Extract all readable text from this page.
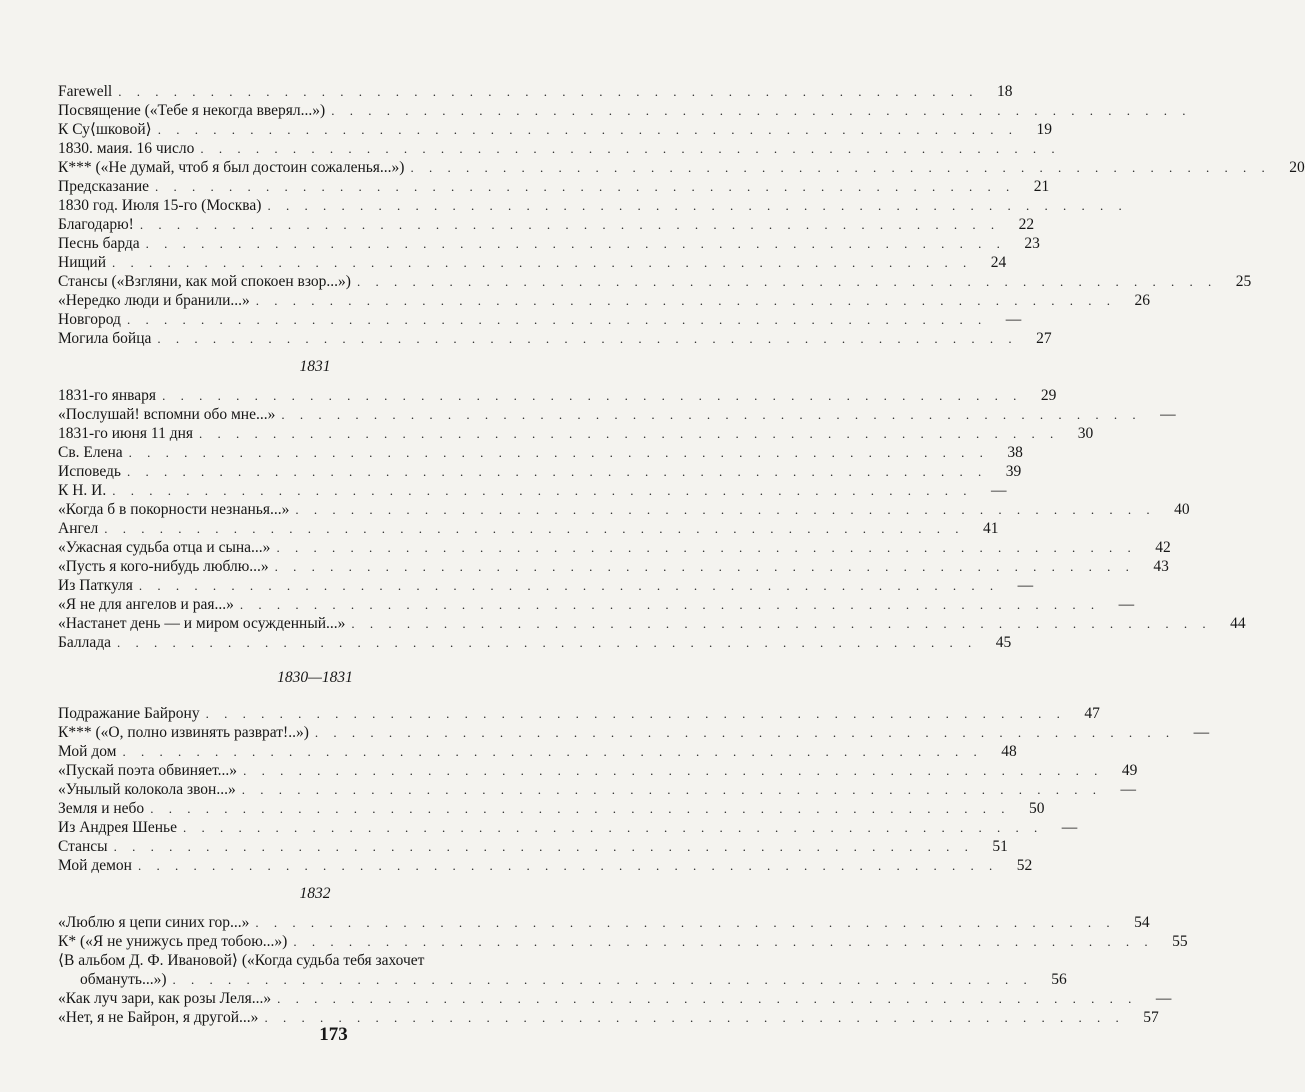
Farewell . . . . . . . . . . . . . . . . . . . . . . . . . . . . . . . . . . . . . . . . . . . . . . .	18
Посвящение («Тебе я некогда вверял...») . . . . . . . . . . . . . . . . . . . . . . . . . . . . . . . . . . . . . . . . . . . . . . .
К Су⟨шковой⟩ . . . . . . . . . . . . . . . . . . . . . . . . . . . . . . . . . . . . . . . . . . . . . . .	19
1830. маия. 16 число . . . . . . . . . . . . . . . . . . . . . . . . . . . . . . . . . . . . . . . . . . . . . . .
К*** («Не думай, чтоб я был достоин сожаленья...») . . . . . . . . . . . . . . . . . . . . . . . . . . . . . . . . . . . . . . . . . . . . . . .	20
Предсказание . . . . . . . . . . . . . . . . . . . . . . . . . . . . . . . . . . . . . . . . . . . . . . .	21
1830 год. Июля 15-го (Москва) . . . . . . . . . . . . . . . . . . . . . . . . . . . . . . . . . . . . . . . . . . . . . . .
Благодарю! . . . . . . . . . . . . . . . . . . . . . . . . . . . . . . . . . . . . . . . . . . . . . . .	22
Песнь барда . . . . . . . . . . . . . . . . . . . . . . . . . . . . . . . . . . . . . . . . . . . . . . .	23
Нищий . . . . . . . . . . . . . . . . . . . . . . . . . . . . . . . . . . . . . . . . . . . . . . .	24
Стансы («Взгляни, как мой спокоен взор...») . . . . . . . . . . . . . . . . . . . . . . . . . . . . . . . . . . . . . . . . . . . . . . .	25
«Нередко люди и бранили...» . . . . . . . . . . . . . . . . . . . . . . . . . . . . . . . . . . . . . . . . . . . . . . .	26
Новгород . . . . . . . . . . . . . . . . . . . . . . . . . . . . . . . . . . . . . . . . . . . . . . .	—
Могила бойца . . . . . . . . . . . . . . . . . . . . . . . . . . . . . . . . . . . . . . . . . . . . . . .	27
1831
1831-го января . . . . . . . . . . . . . . . . . . . . . . . . . . . . . . . . . . . . . . . . . . . . . . .	29
«Послушай! вспомни обо мне...» . . . . . . . . . . . . . . . . . . . . . . . . . . . . . . . . . . . . . . . . . . . . . . .	—
1831-го июня 11 дня . . . . . . . . . . . . . . . . . . . . . . . . . . . . . . . . . . . . . . . . . . . . . . .	30
Св. Елена . . . . . . . . . . . . . . . . . . . . . . . . . . . . . . . . . . . . . . . . . . . . . . .	38
Исповедь . . . . . . . . . . . . . . . . . . . . . . . . . . . . . . . . . . . . . . . . . . . . . . .	39
К Н. И. . . . . . . . . . . . . . . . . . . . . . . . . . . . . . . . . . . . . . . . . . . . . . . .	—
«Когда б в покорности незнанья...» . . . . . . . . . . . . . . . . . . . . . . . . . . . . . . . . . . . . . . . . . . . . . . .	40
Ангел . . . . . . . . . . . . . . . . . . . . . . . . . . . . . . . . . . . . . . . . . . . . . . .	41
«Ужасная судьба отца и сына...» . . . . . . . . . . . . . . . . . . . . . . . . . . . . . . . . . . . . . . . . . . . . . . .	42
«Пусть я кого-нибудь люблю...» . . . . . . . . . . . . . . . . . . . . . . . . . . . . . . . . . . . . . . . . . . . . . . .	43
Из Паткуля . . . . . . . . . . . . . . . . . . . . . . . . . . . . . . . . . . . . . . . . . . . . . . .	—
«Я не для ангелов и рая...» . . . . . . . . . . . . . . . . . . . . . . . . . . . . . . . . . . . . . . . . . . . . . . .	—
«Настанет день — и миром осужденный...» . . . . . . . . . . . . . . . . . . . . . . . . . . . . . . . . . . . . . . . . . . . . . . .	44
Баллада . . . . . . . . . . . . . . . . . . . . . . . . . . . . . . . . . . . . . . . . . . . . . . .	45
1830—1831
Подражание Байрону . . . . . . . . . . . . . . . . . . . . . . . . . . . . . . . . . . . . . . . . . . . . . . .	47
К*** («О, полно извинять разврат!..») . . . . . . . . . . . . . . . . . . . . . . . . . . . . . . . . . . . . . . . . . . . . . . .	—
Мой дом . . . . . . . . . . . . . . . . . . . . . . . . . . . . . . . . . . . . . . . . . . . . . . .	48
«Пускай поэта обвиняет...» . . . . . . . . . . . . . . . . . . . . . . . . . . . . . . . . . . . . . . . . . . . . . . .	49
«Унылый колокола звон...» . . . . . . . . . . . . . . . . . . . . . . . . . . . . . . . . . . . . . . . . . . . . . . .	—
Земля и небо . . . . . . . . . . . . . . . . . . . . . . . . . . . . . . . . . . . . . . . . . . . . . . .	50
Из Андрея Шенье . . . . . . . . . . . . . . . . . . . . . . . . . . . . . . . . . . . . . . . . . . . . . . .	—
Стансы . . . . . . . . . . . . . . . . . . . . . . . . . . . . . . . . . . . . . . . . . . . . . . .	51
Мой демон . . . . . . . . . . . . . . . . . . . . . . . . . . . . . . . . . . . . . . . . . . . . . . .	52
1832
«Люблю я цепи синих гор...» . . . . . . . . . . . . . . . . . . . . . . . . . . . . . . . . . . . . . . . . . . . . . . .	54
К* («Я не унижусь пред тобою...») . . . . . . . . . . . . . . . . . . . . . . . . . . . . . . . . . . . . . . . . . . . . . . .	55
⟨В альбом Д. Ф. Ивановой⟩ («Когда судьба тебя захочет
обмануть...») . . . . . . . . . . . . . . . . . . . . . . . . . . . . . . . . . . . . . . . . . . . . . . .	56
«Как луч зари, как розы Леля...» . . . . . . . . . . . . . . . . . . . . . . . . . . . . . . . . . . . . . . . . . . . . . . .	—
«Нет, я не Байрон, я другой...» . . . . . . . . . . . . . . . . . . . . . . . . . . . . . . . . . . . . . . . . . . . . . . .	57
173
